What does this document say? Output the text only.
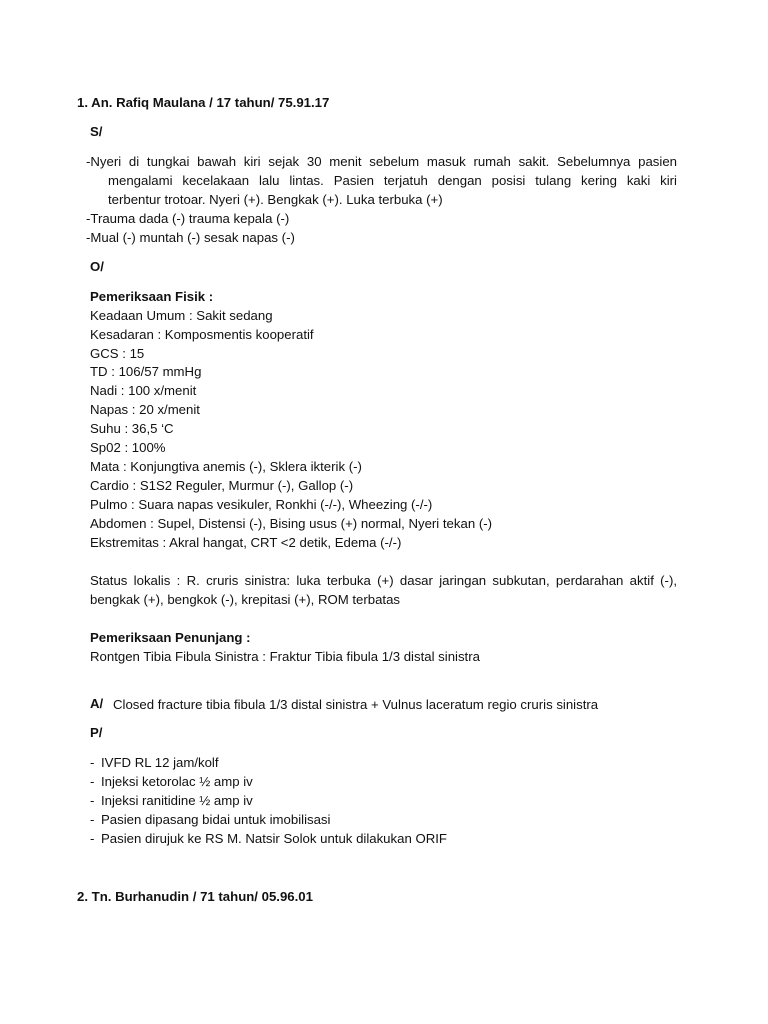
1. An. Rafiq Maulana / 17 tahun/ 75.91.17
S/
-Nyeri di tungkai bawah kiri sejak 30 menit sebelum masuk rumah sakit. Sebelumnya pasien
mengalami kecelakaan lalu lintas. Pasien terjatuh dengan posisi tulang kering kaki kiri
terbentur trotoar. Nyeri (+). Bengkak (+). Luka terbuka (+)
-Trauma dada (-) trauma kepala (-)
-Mual (-) muntah (-) sesak napas (-)
O/
Pemeriksaan Fisik :
Keadaan Umum : Sakit sedang
Kesadaran : Komposmentis kooperatif
GCS : 15
TD : 106/57 mmHg
Nadi : 100 x/menit
Napas : 20 x/menit
Suhu : 36,5 ‘C
Sp02 : 100%
Mata : Konjungtiva anemis (-), Sklera ikterik (-)
Cardio : S1S2 Reguler, Murmur (-), Gallop (-)
Pulmo : Suara napas vesikuler, Ronkhi (-/-), Wheezing (-/-)
Abdomen : Supel, Distensi (-), Bising usus (+) normal, Nyeri tekan (-)
Ekstremitas : Akral hangat, CRT <2 detik, Edema (-/-)
Status lokalis : R. cruris sinistra: luka terbuka (+) dasar jaringan subkutan, perdarahan aktif (-),
bengkak (+), bengkok (-), krepitasi (+), ROM terbatas
Pemeriksaan Penunjang :
Rontgen Tibia Fibula Sinistra : Fraktur Tibia fibula 1/3 distal sinistra
A/ Closed fracture tibia fibula 1/3 distal sinistra + Vulnus laceratum regio cruris sinistra
P/
- IVFD RL 12 jam/kolf
- Injeksi ketorolac ½ amp iv
- Injeksi ranitidine ½ amp iv
- Pasien dipasang bidai untuk imobilisasi
- Pasien dirujuk ke RS M. Natsir Solok untuk dilakukan ORIF
2. Tn. Burhanudin / 71 tahun/ 05.96.01
